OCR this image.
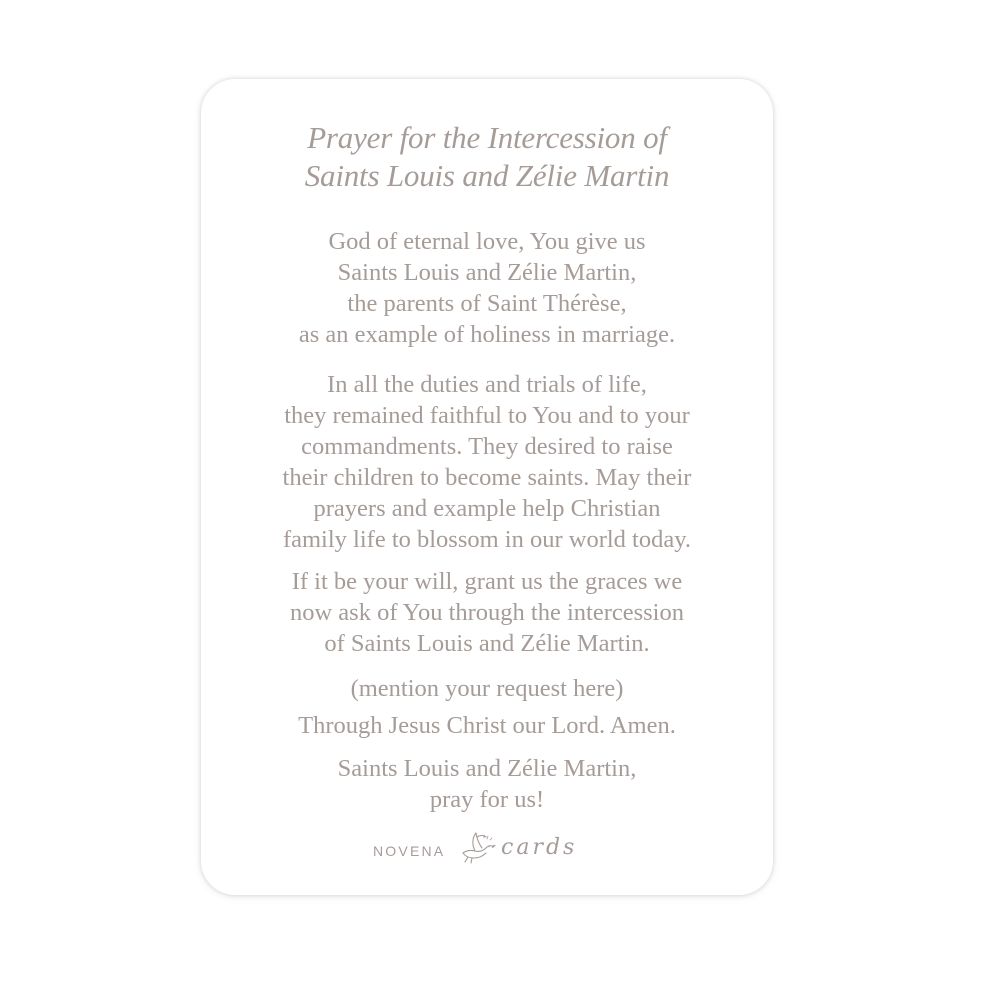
Prayer for the Intercession of
Saints Louis and Zélie Martin

God of eternal love, You give us
Saints Louis and Zélie Martin,
the parents of Saint Thérèse,
as an example of holiness in marriage.

In all the duties and trials of life,
they remained faithful to You and to your
commandments. They desired to raise
their children to become saints. May their
prayers and example help Christian
family life to blossom in our world today.

If it be your will, grant us the graces we
now ask of You through the intercession
of Saints Louis and Zélie Martin.

(mention your request here)

Through Jesus Christ our Lord. Amen.

Saints Louis and Zélie Martin,
pray for us!

NOVENA	cards
